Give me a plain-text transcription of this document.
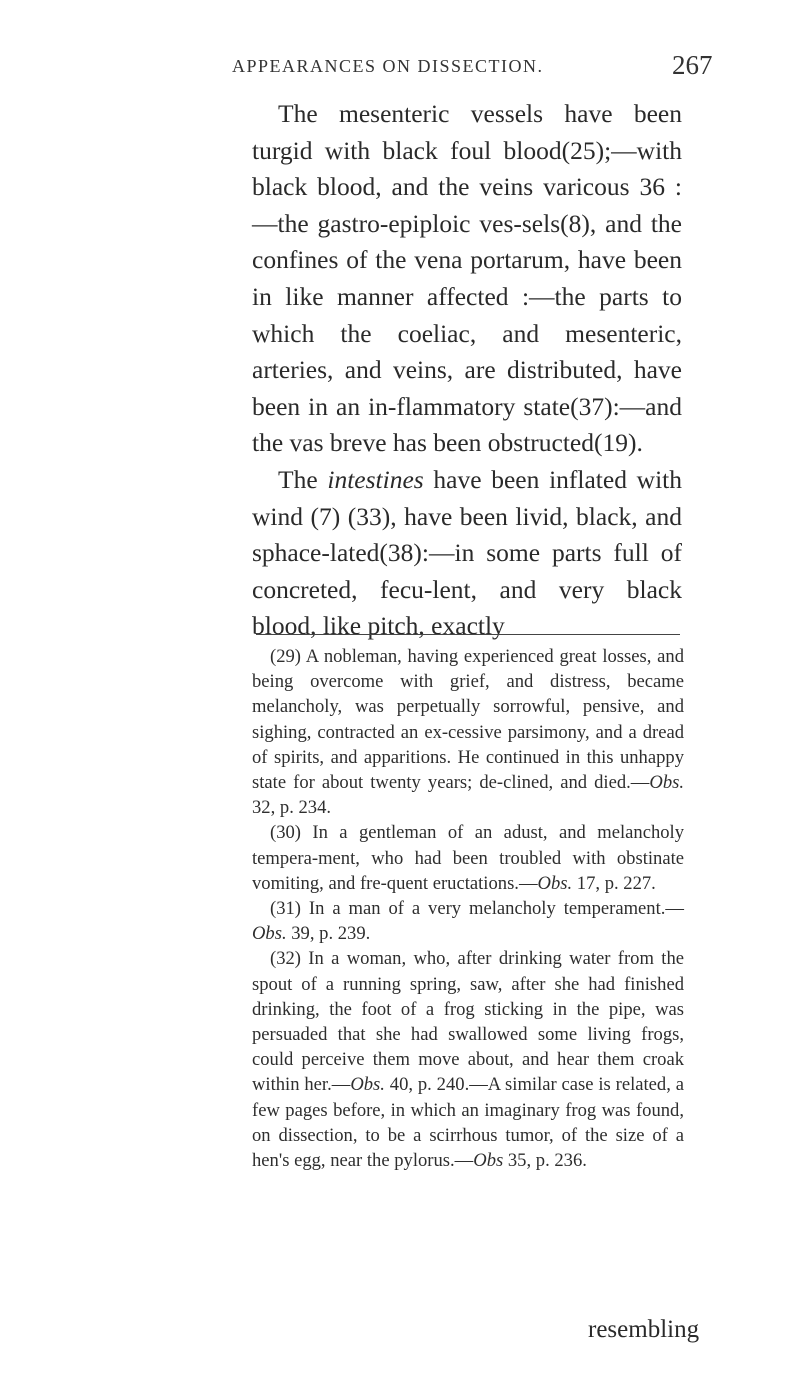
APPEARANCES ON DISSECTION.	267

The mesenteric vessels have been turgid with black foul blood(25);—with black blood, and the veins varicous 36 :—the gastro-epiploic ves-sels(8), and the confines of the vena portarum, have been in like manner affected :—the parts to which the coeliac, and mesenteric, arteries, and veins, are distributed, have been in an in-flammatory state(37):—and the vas breve has been obstructed(19).

The intestines have been inflated with wind (7) (33), have been livid, black, and sphace-lated(38):—in some parts full of concreted, fecu-lent, and very black blood, like pitch, exactly

(29) A nobleman, having experienced great losses, and being overcome with grief, and distress, became melancholy, was perpetually sorrowful, pensive, and sighing, contracted an ex-cessive parsimony, and a dread of spirits, and apparitions. He continued in this unhappy state for about twenty years; de-clined, and died.—Obs. 32, p. 234.

(30) In a gentleman of an adust, and melancholy tempera-ment, who had been troubled with obstinate vomiting, and fre-quent eructations.—Obs. 17, p. 227.

(31) In a man of a very melancholy temperament.—Obs. 39, p. 239.

(32) In a woman, who, after drinking water from the spout of a running spring, saw, after she had finished drinking, the foot of a frog sticking in the pipe, was persuaded that she had swallowed some living frogs, could perceive them move about, and hear them croak within her.—Obs. 40, p. 240.—A similar case is related, a few pages before, in which an imaginary frog was found, on dissection, to be a scirrhous tumor, of the size of a hen's egg, near the pylorus.—Obs 35, p. 236.

resembling
